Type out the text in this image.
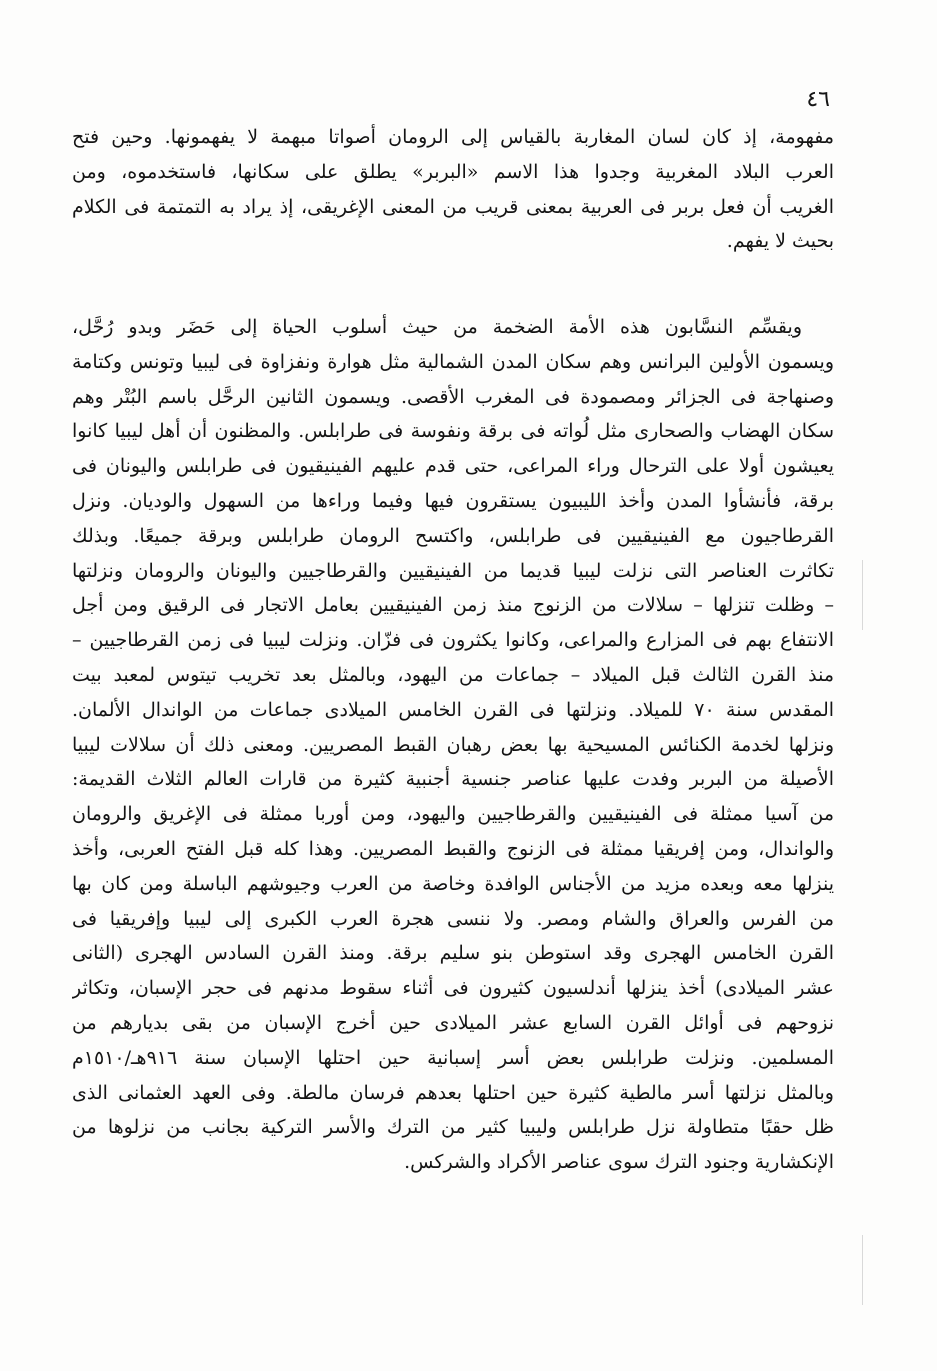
٤٦
مفهومة، إذ كان لسان المغاربة بالقياس إلى الرومان أصواتا مبهمة لا يفهمونها. وحين فتح
العرب البلاد المغربية وجدوا هذا الاسم «البربر» يطلق على سكانها، فاستخدموه، ومن
الغريب أن فعل بربر فى العربية بمعنى قريب من المعنى الإغريقى، إذ يراد به التمتمة فى الكلام
بحيث لا يفهم.
ويقسِّم النسَّابون هذه الأمة الضخمة من حيث أسلوب الحياة إلى حَضَر وبدو رُحَّل،
ويسمون الأولين البرانس وهم سكان المدن الشمالية مثل هوارة ونفزاوة فى ليبيا وتونس وكتامة
وصنهاجة فى الجزائر ومصمودة فى المغرب الأقصى. ويسمون الثانين الرحَّل باسم البُتْر وهم
سكان الهضاب والصحارى مثل لُواته فى برقة ونفوسة فى طرابلس. والمظنون أن أهل ليبيا كانوا
يعيشون أولا على الترحال وراء المراعى، حتى قدم عليهم الفينيقيون فى طرابلس واليونان فى
برقة، فأنشأوا المدن وأخذ الليبيون يستقرون فيها وفيما وراءها من السهول والوديان. ونزل
القرطاجيون مع الفينيقيين فى طرابلس، واكتسح الرومان طرابلس وبرقة جميعًا. وبذلك
تكاثرت العناصر التى نزلت ليبيا قديما من الفينيقيين والقرطاجيين واليونان والرومان ونزلتها
– وظلت تنزلها – سلالات من الزنوج منذ زمن الفينيقيين بعامل الاتجار فى الرقيق ومن أجل
الانتفاع بهم فى المزارع والمراعى، وكانوا يكثرون فى فزّان. ونزلت ليبيا فى زمن القرطاجيين –
منذ القرن الثالث قبل الميلاد – جماعات من اليهود، وبالمثل بعد تخريب تيتوس لمعبد بيت
المقدس سنة ٧٠ للميلاد. ونزلتها فى القرن الخامس الميلادى جماعات من الواندال الألمان.
ونزلها لخدمة الكنائس المسيحية بها بعض رهبان القبط المصريين. ومعنى ذلك أن سلالات ليبيا
الأصيلة من البربر وفدت عليها عناصر جنسية أجنبية كثيرة من قارات العالم الثلاث القديمة:
من آسيا ممثلة فى الفينيقيين والقرطاجيين واليهود، ومن أوربا ممثلة فى الإغريق والرومان
والواندال، ومن إفريقيا ممثلة فى الزنوج والقبط المصريين. وهذا كله قبل الفتح العربى، وأخذ
ينزلها معه وبعده مزيد من الأجناس الوافدة وخاصة من العرب وجيوشهم الباسلة ومن كان بها
من الفرس والعراق والشام ومصر. ولا ننسى هجرة العرب الكبرى إلى ليبيا وإفريقيا فى
القرن الخامس الهجرى وقد استوطن بنو سليم برقة. ومنذ القرن السادس الهجرى (الثانى
عشر الميلادى) أخذ ينزلها أندلسيون كثيرون فى أثناء سقوط مدنهم فى حجر الإسبان، وتكاثر
نزوحهم فى أوائل القرن السابع عشر الميلادى حين أخرج الإسبان من بقى بديارهم من
المسلمين. ونزلت طرابلس بعض أسر إسبانية حين احتلها الإسبان سنة ٩١٦هـ/١٥١٠م
وبالمثل نزلتها أسر مالطية كثيرة حين احتلها بعدهم فرسان مالطة. وفى العهد العثمانى الذى
ظل حقبًا متطاولة نزل طرابلس وليبيا كثير من الترك والأسر التركية بجانب من نزلوها من
الإنكشارية وجنود الترك سوى عناصر الأكراد والشركس.
